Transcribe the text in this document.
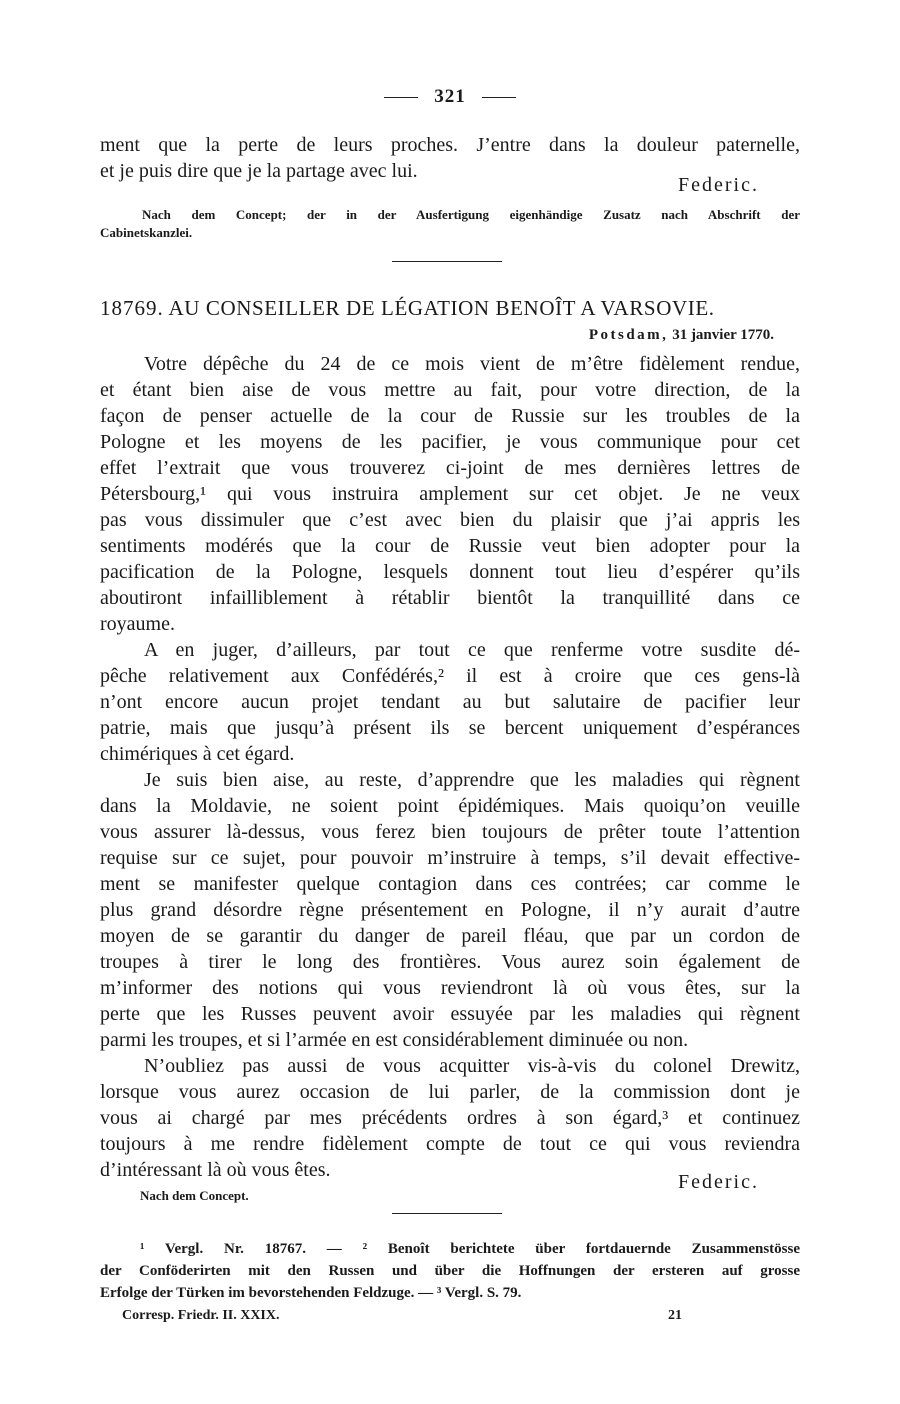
321
ment que la perte de leurs proches. J’entre dans la douleur paternelle,
et je puis dire que je la partage avec lui.
Federic.
Nach dem Concept; der in der Ausfertigung eigenhändige Zusatz nach Abschrift der
Cabinetskanzlei.
18769. AU CONSEILLER DE LÉGATION BENOÎT A VARSOVIE.
Potsdam, 31 janvier 1770.
Votre dépêche du 24 de ce mois vient de m’être fidèlement rendue,
et étant bien aise de vous mettre au fait, pour votre direction, de la
façon de penser actuelle de la cour de Russie sur les troubles de la
Pologne et les moyens de les pacifier, je vous communique pour cet
effet l’extrait que vous trouverez ci-joint de mes dernières lettres de
Pétersbourg,¹ qui vous instruira amplement sur cet objet. Je ne veux
pas vous dissimuler que c’est avec bien du plaisir que j’ai appris les
sentiments modérés que la cour de Russie veut bien adopter pour la
pacification de la Pologne, lesquels donnent tout lieu d’espérer qu’ils
aboutiront infailliblement à rétablir bientôt la tranquillité dans ce
royaume.
A en juger, d’ailleurs, par tout ce que renferme votre susdite dé-
pêche relativement aux Confédérés,² il est à croire que ces gens-là
n’ont encore aucun projet tendant au but salutaire de pacifier leur
patrie, mais que jusqu’à présent ils se bercent uniquement d’espérances
chimériques à cet égard.
Je suis bien aise, au reste, d’apprendre que les maladies qui règnent
dans la Moldavie, ne soient point épidémiques. Mais quoiqu’on veuille
vous assurer là-dessus, vous ferez bien toujours de prêter toute l’attention
requise sur ce sujet, pour pouvoir m’instruire à temps, s’il devait effective-
ment se manifester quelque contagion dans ces contrées; car comme le
plus grand désordre règne présentement en Pologne, il n’y aurait d’autre
moyen de se garantir du danger de pareil fléau, que par un cordon de
troupes à tirer le long des frontières. Vous aurez soin également de
m’informer des notions qui vous reviendront là où vous êtes, sur la
perte que les Russes peuvent avoir essuyée par les maladies qui règnent
parmi les troupes, et si l’armée en est considérablement diminuée ou non.
N’oubliez pas aussi de vous acquitter vis-à-vis du colonel Drewitz,
lorsque vous aurez occasion de lui parler, de la commission dont je
vous ai chargé par mes précédents ordres à son égard,³ et continuez
toujours à me rendre fidèlement compte de tout ce qui vous reviendra
d’intéressant là où vous êtes.
Federic.
Nach dem Concept.
¹ Vergl. Nr. 18767. — ² Benoît berichtete über fortdauernde Zusammenstösse
der Conföderirten mit den Russen und über die Hoffnungen der ersteren auf grosse
Erfolge der Türken im bevorstehenden Feldzuge. — ³ Vergl. S. 79.
Corresp. Friedr. II. XXIX.	21
